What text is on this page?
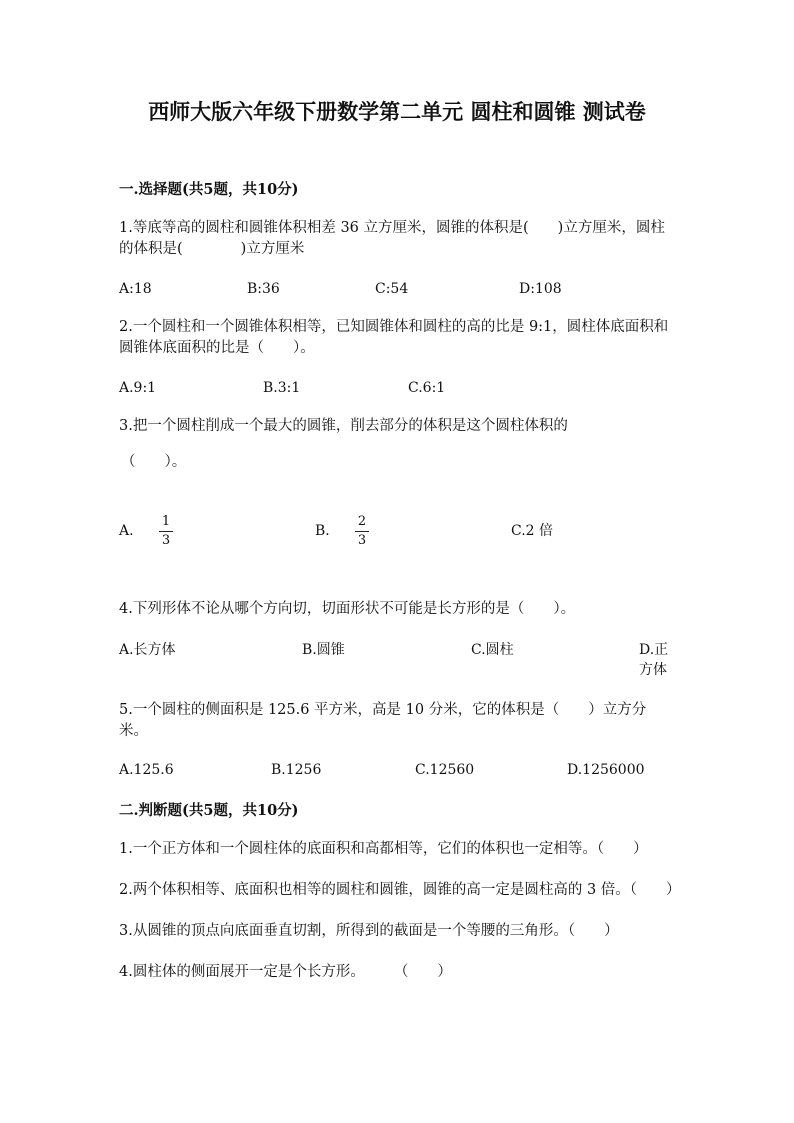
西师大版六年级下册数学第二单元 圆柱和圆锥 测试卷
一.选择题(共5题，共10分)
1.等底等高的圆柱和圆锥体积相差 36 立方厘米，圆锥的体积是(　　)立方厘米，圆柱的体积是(　　　　)立方厘米
A:18	B:36	C:54	D:108
2.一个圆柱和一个圆锥体积相等，已知圆锥体和圆柱的高的比是 9:1，圆柱体底面积和圆锥体底面积的比是（　　）。
A.9:1	B.3:1	C.6:1
3.把一个圆柱削成一个最大的圆锥，削去部分的体积是这个圆柱体积的
（　　）。
A.
1
3
B.
2
3
C.2 倍
4.下列形体不论从哪个方向切，切面形状不可能是长方形的是（　　）。
A.长方体	B.圆锥	C.圆柱	D.正方体
5.一个圆柱的侧面积是 125.6 平方米，高是 10 分米，它的体积是（　　）立方分米。
A.125.6	B.1256	C.12560	D.1256000
二.判断题(共5题，共10分)
1.一个正方体和一个圆柱体的底面积和高都相等，它们的体积也一定相等。（　　）
2.两个体积相等、底面积也相等的圆柱和圆锥，圆锥的高一定是圆柱高的 3 倍。（　　）
3.从圆锥的顶点向底面垂直切割，所得到的截面是一个等腰的三角形。（　　）
4.圆柱体的侧面展开一定是个长方形。　　　（　　）
